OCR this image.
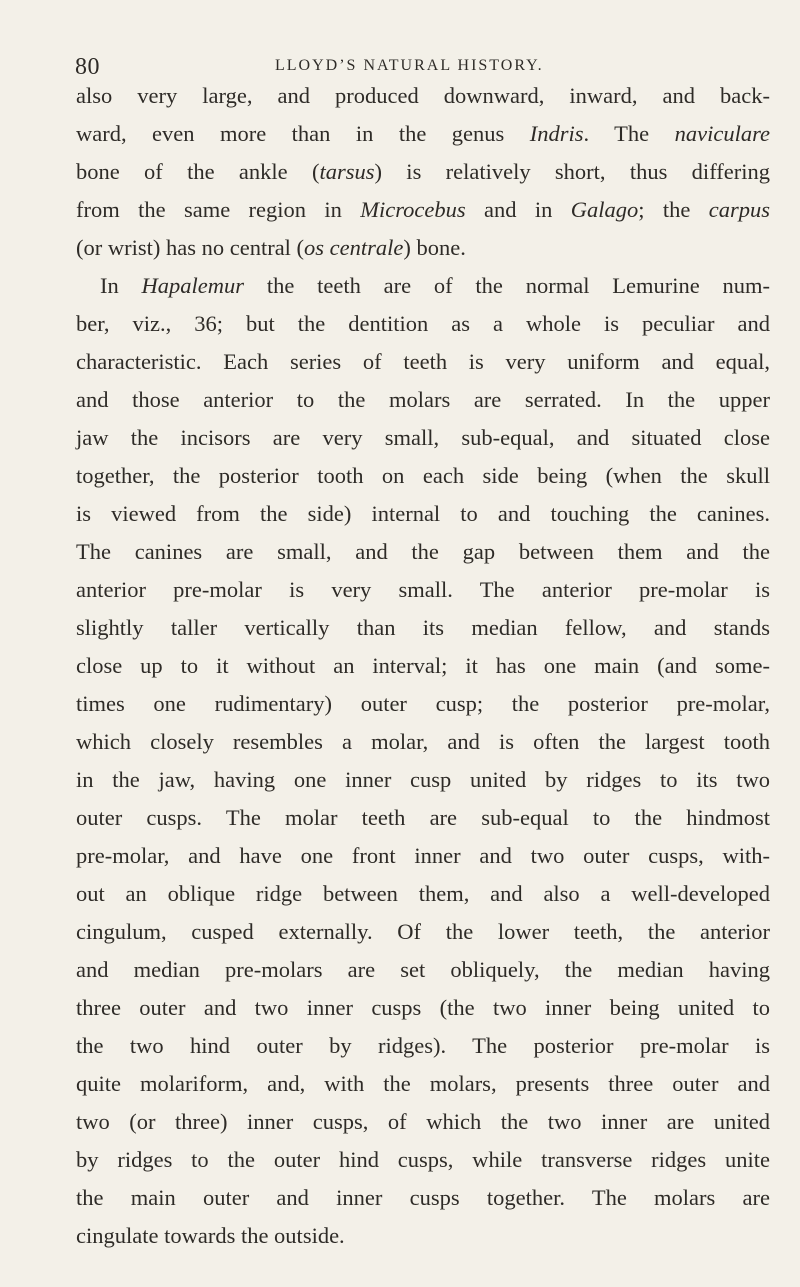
80	LLOYD’S NATURAL HISTORY.
also very large, and produced downward, inward, and back-
ward, even more than in the genus Indris. The naviculare
bone of the ankle (tarsus) is relatively short, thus differing
from the same region in Microcebus and in Galago; the carpus
(or wrist) has no central (os centrale) bone.
In Hapalemur the teeth are of the normal Lemurine num-
ber, viz., 36; but the dentition as a whole is peculiar and
characteristic. Each series of teeth is very uniform and equal,
and those anterior to the molars are serrated. In the upper
jaw the incisors are very small, sub-equal, and situated close
together, the posterior tooth on each side being (when the skull
is viewed from the side) internal to and touching the canines.
The canines are small, and the gap between them and the
anterior pre-molar is very small. The anterior pre-molar is
slightly taller vertically than its median fellow, and stands
close up to it without an interval; it has one main (and some-
times one rudimentary) outer cusp; the posterior pre-molar,
which closely resembles a molar, and is often the largest tooth
in the jaw, having one inner cusp united by ridges to its two
outer cusps. The molar teeth are sub-equal to the hindmost
pre-molar, and have one front inner and two outer cusps, with-
out an oblique ridge between them, and also a well-developed
cingulum, cusped externally. Of the lower teeth, the anterior
and median pre-molars are set obliquely, the median having
three outer and two inner cusps (the two inner being united to
the two hind outer by ridges). The posterior pre-molar is
quite molariform, and, with the molars, presents three outer and
two (or three) inner cusps, of which the two inner are united
by ridges to the outer hind cusps, while transverse ridges unite
the main outer and inner cusps together. The molars are
cingulate towards the outside.
